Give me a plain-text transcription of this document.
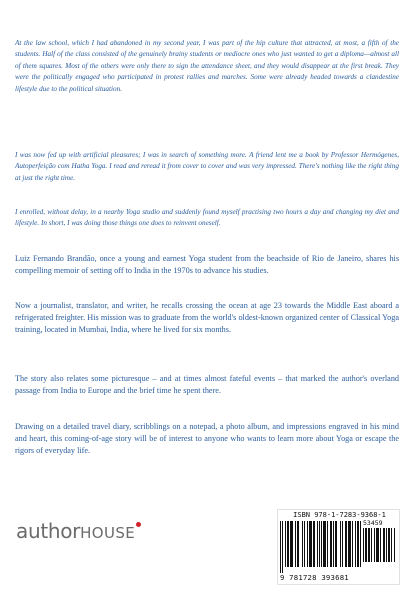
At the law school, which I had abandoned in my second year, I was part of the hip culture that attracted, at most, a fifth of the students. Half of the class consisted of the genuinely brainy students or mediocre ones who just wanted to get a diploma—almost all of them squares. Most of the others were only there to sign the attendance sheet, and they would disappear at the first break. They were the politically engaged who participated in protest rallies and marches. Some were already headed towards a clandestine lifestyle due to the political situation.

I was now fed up with artificial pleasures; I was in search of something more. A friend lent me a book by Professor Hermógenes, Autoperfeição com Hatha Yoga. I read and reread it from cover to cover and was very impressed. There's nothing like the right thing at just the right time.

I enrolled, without delay, in a nearby Yoga studio and suddenly found myself practising two hours a day and changing my diet and lifestyle. In short, I was doing those things one does to reinvent oneself.

Luiz Fernando Brandão, once a young and earnest Yoga student from the beachside of Rio de Janeiro, shares his compelling memoir of setting off to India in the 1970s to advance his studies.

Now a journalist, translator, and writer, he recalls crossing the ocean at age 23 towards the Middle East aboard a refrigerated freighter. His mission was to graduate from the world's oldest-known organized center of Classical Yoga training, located in Mumbai, India, where he lived for six months.

The story also relates some picturesque – and at times almost fateful events – that marked the author's overland passage from India to Europe and the brief time he spent there.

Drawing on a detailed travel diary, scribblings on a notepad, a photo album, and impressions engraved in his mind and heart, this coming-of-age story will be of interest to anyone who wants to learn more about Yoga or escape the rigors of everyday life.

authorHOUSE
ISBN 978-1-7283-9368-1
53459
9 781728 393681
